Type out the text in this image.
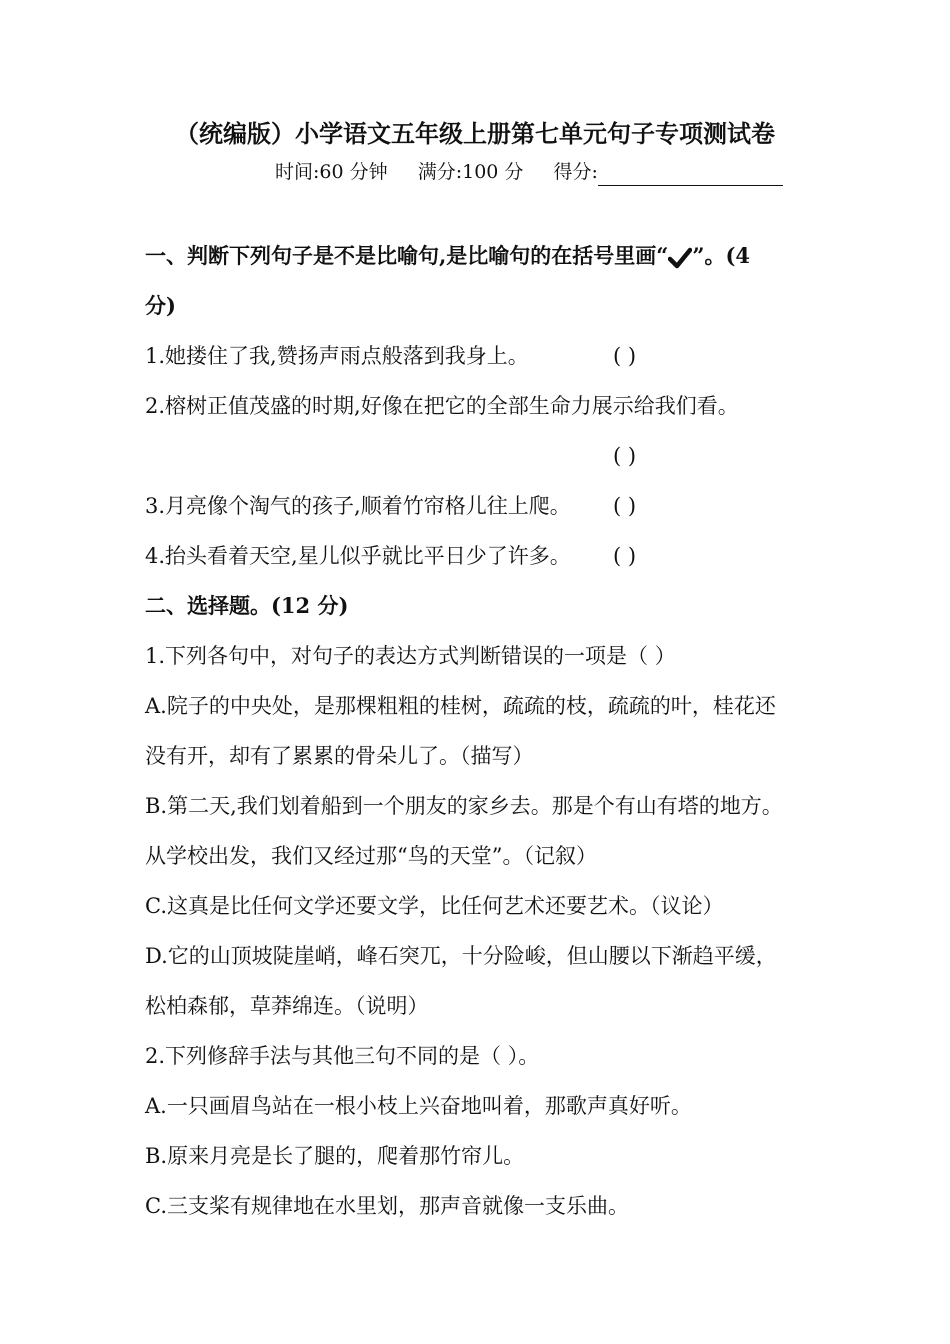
（统编版）小学语文五年级上册第七单元句子专项测试卷
时间:60 分钟 满分:100 分 得分:
一、判断下列句子是不是比喻句,是比喻句的在括号里画“ ”。(4
分)
1.她搂住了我,赞扬声雨点般落到我身上。	( )
2.榕树正值茂盛的时期,好像在把它的全部生命力展示给我们看。
( )
3.月亮像个淘气的孩子,顺着竹帘格儿往上爬。 ( )
4.抬头看着天空,星儿似乎就比平日少了许多。 ( )
二、选择题。(12 分)
1.下列各句中，对句子的表达方式判断错误的一项是（ ）
A.院子的中央处，是那棵粗粗的桂树，疏疏的枝，疏疏的叶，桂花还
没有开，却有了累累的骨朵儿了。（描写）
B.第二天,我们划着船到一个朋友的家乡去。那是个有山有塔的地方。
从学校出发，我们又经过那“鸟的天堂”。（记叙）
C.这真是比任何文学还要文学，比任何艺术还要艺术。（议论）
D.它的山顶坡陡崖峭，峰石突兀，十分险峻，但山腰以下渐趋平缓，
松柏森郁，草莽绵连。（说明）
2.下列修辞手法与其他三句不同的是（ ）。
A.一只画眉鸟站在一根小枝上兴奋地叫着，那歌声真好听。
B.原来月亮是长了腿的，爬着那竹帘儿。
C.三支桨有规律地在水里划，那声音就像一支乐曲。
